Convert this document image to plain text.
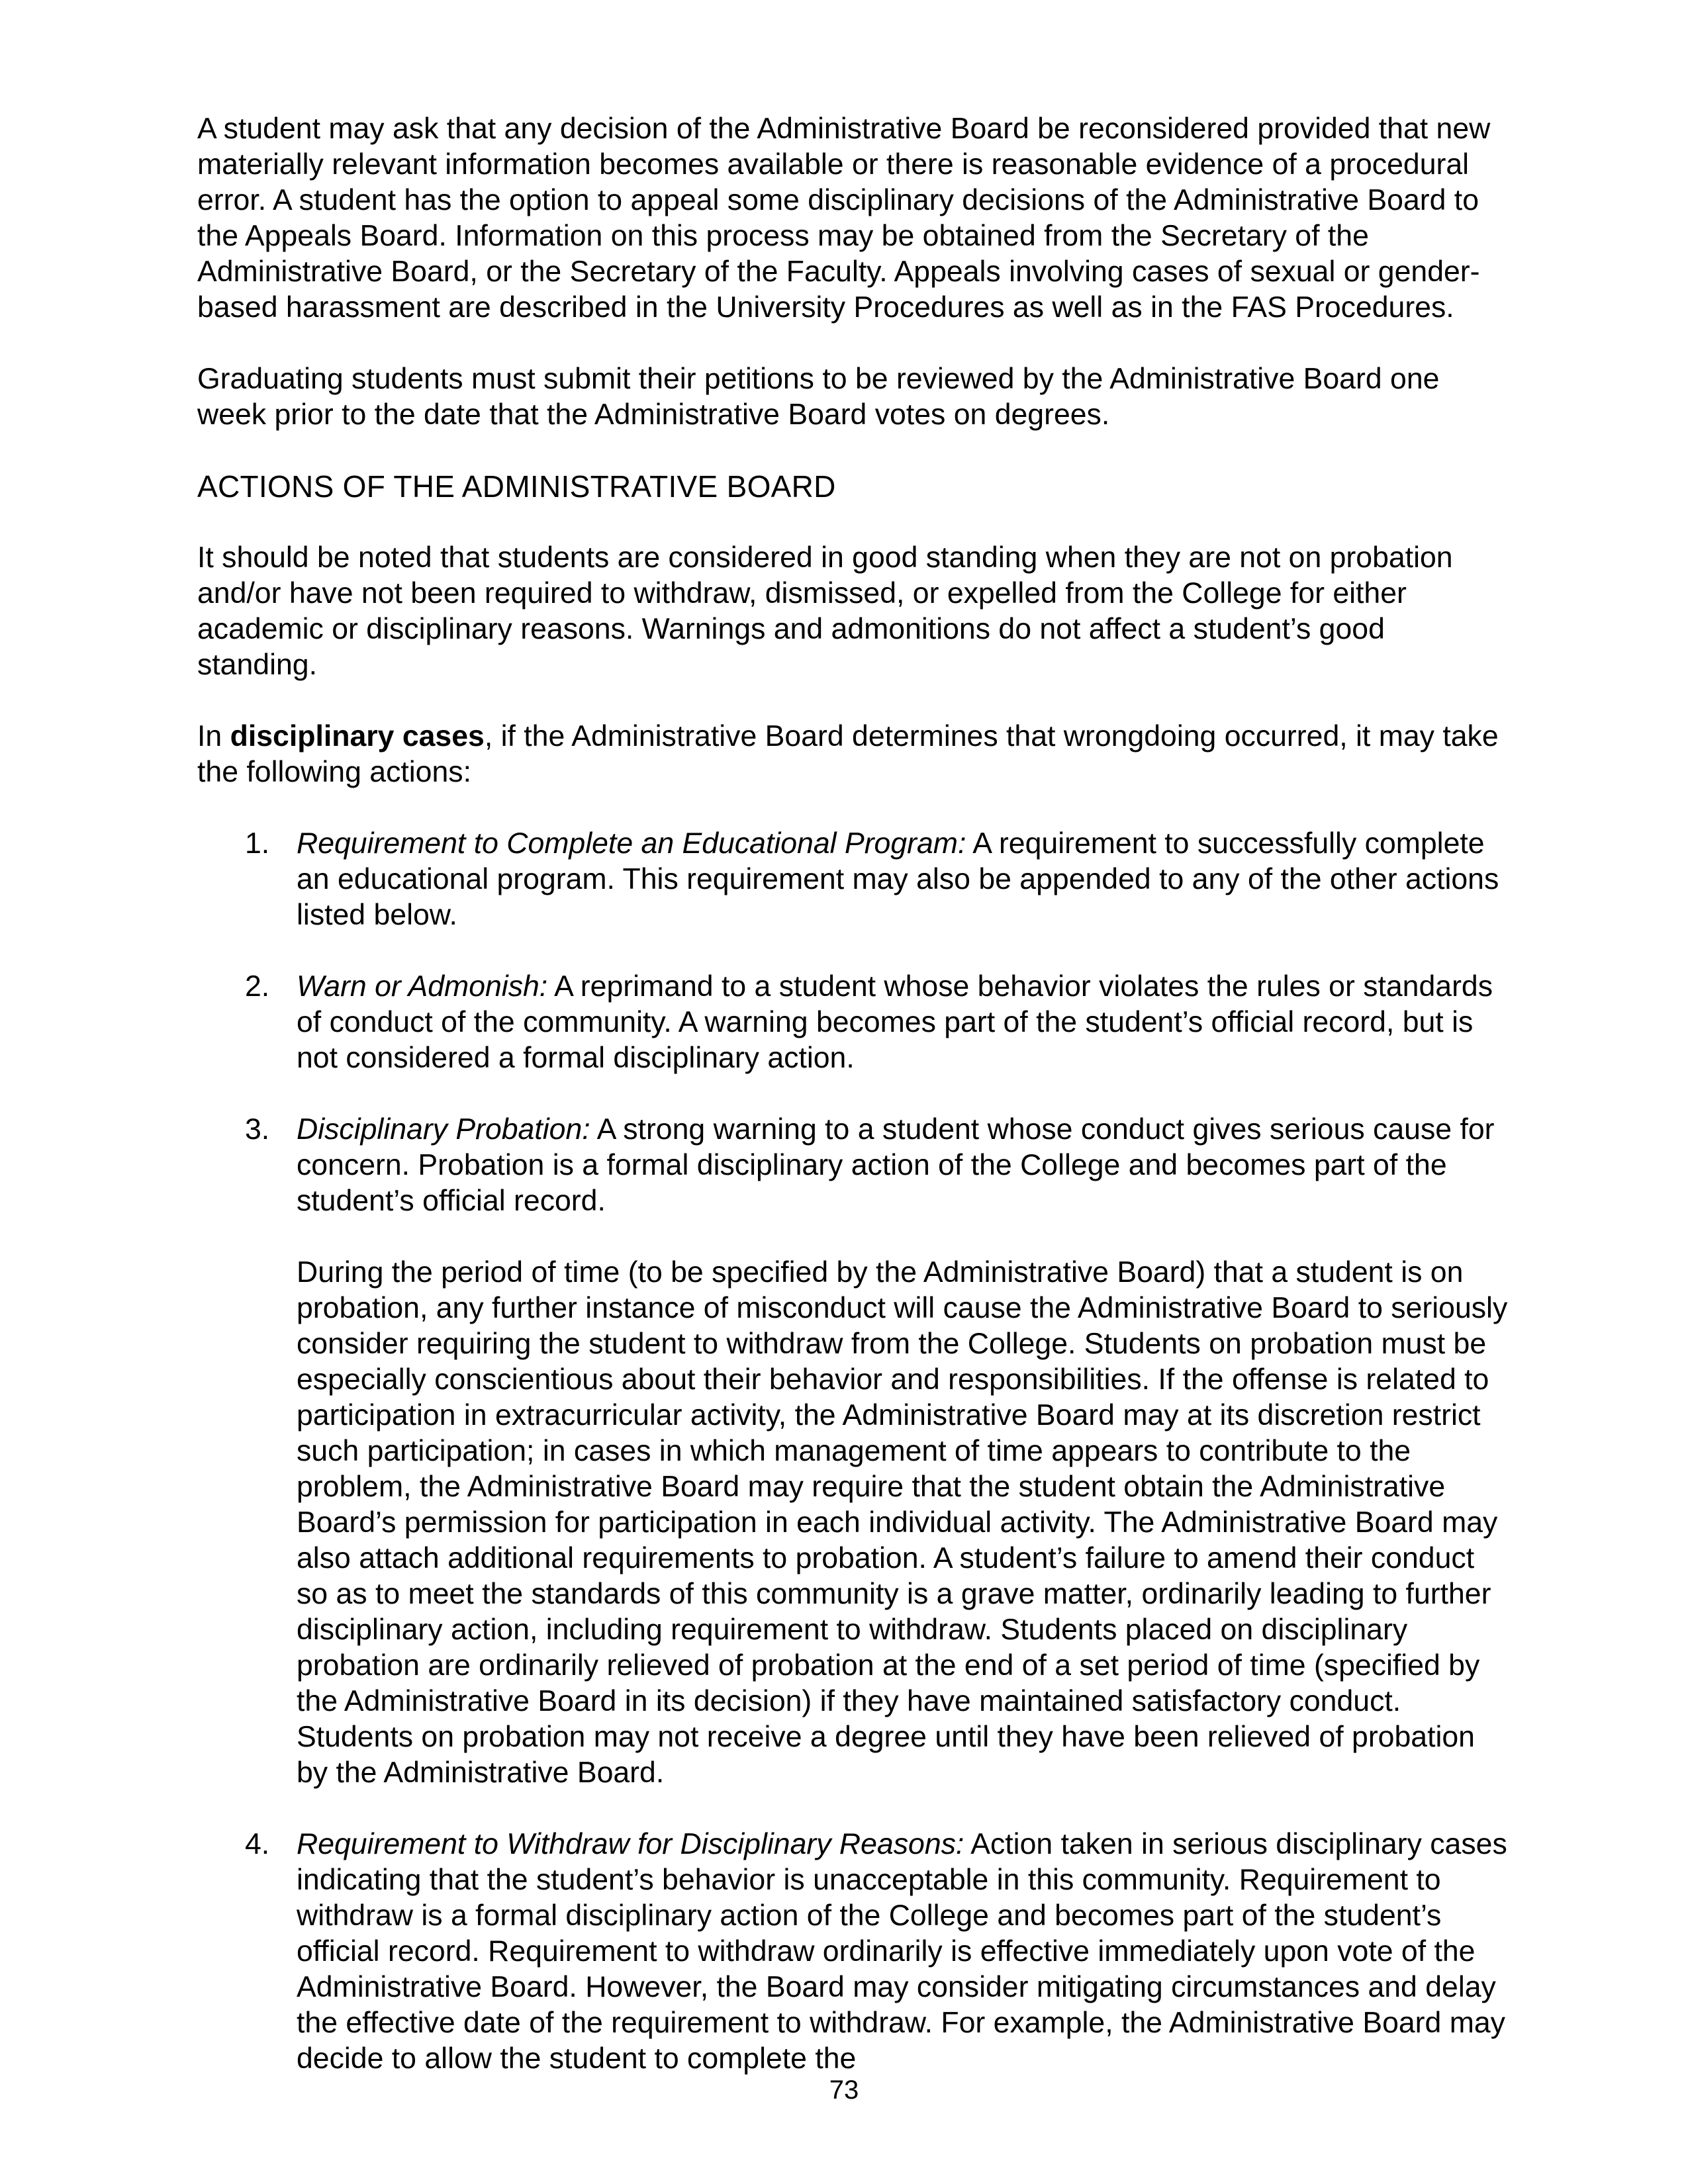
A student may ask that any decision of the Administrative Board be reconsidered provided that new materially relevant information becomes available or there is reasonable evidence of a procedural error. A student has the option to appeal some disciplinary decisions of the Administrative Board to the Appeals Board. Information on this process may be obtained from the Secretary of the Administrative Board, or the Secretary of the Faculty. Appeals involving cases of sexual or gender-based harassment are described in the University Procedures as well as in the FAS Procedures.

Graduating students must submit their petitions to be reviewed by the Administrative Board one week prior to the date that the Administrative Board votes on degrees.

ACTIONS OF THE ADMINISTRATIVE BOARD

It should be noted that students are considered in good standing when they are not on probation and/or have not been required to withdraw, dismissed, or expelled from the College for either academic or disciplinary reasons. Warnings and admonitions do not affect a student’s good standing.

In disciplinary cases, if the Administrative Board determines that wrongdoing occurred, it may take the following actions:

1. Requirement to Complete an Educational Program: A requirement to successfully complete an educational program. This requirement may also be appended to any of the other actions listed below.

2. Warn or Admonish: A reprimand to a student whose behavior violates the rules or standards of conduct of the community. A warning becomes part of the student’s official record, but is not considered a formal disciplinary action.

3. Disciplinary Probation: A strong warning to a student whose conduct gives serious cause for concern. Probation is a formal disciplinary action of the College and becomes part of the student’s official record.

During the period of time (to be specified by the Administrative Board) that a student is on probation, any further instance of misconduct will cause the Administrative Board to seriously consider requiring the student to withdraw from the College. Students on probation must be especially conscientious about their behavior and responsibilities. If the offense is related to participation in extracurricular activity, the Administrative Board may at its discretion restrict such participation; in cases in which management of time appears to contribute to the problem, the Administrative Board may require that the student obtain the Administrative Board’s permission for participation in each individual activity. The Administrative Board may also attach additional requirements to probation. A student’s failure to amend their conduct so as to meet the standards of this community is a grave matter, ordinarily leading to further disciplinary action, including requirement to withdraw. Students placed on disciplinary probation are ordinarily relieved of probation at the end of a set period of time (specified by the Administrative Board in its decision) if they have maintained satisfactory conduct. Students on probation may not receive a degree until they have been relieved of probation by the Administrative Board.

4. Requirement to Withdraw for Disciplinary Reasons: Action taken in serious disciplinary cases indicating that the student’s behavior is unacceptable in this community. Requirement to withdraw is a formal disciplinary action of the College and becomes part of the student’s official record. Requirement to withdraw ordinarily is effective immediately upon vote of the Administrative Board. However, the Board may consider mitigating circumstances and delay the effective date of the requirement to withdraw. For example, the Administrative Board may decide to allow the student to complete the

73
